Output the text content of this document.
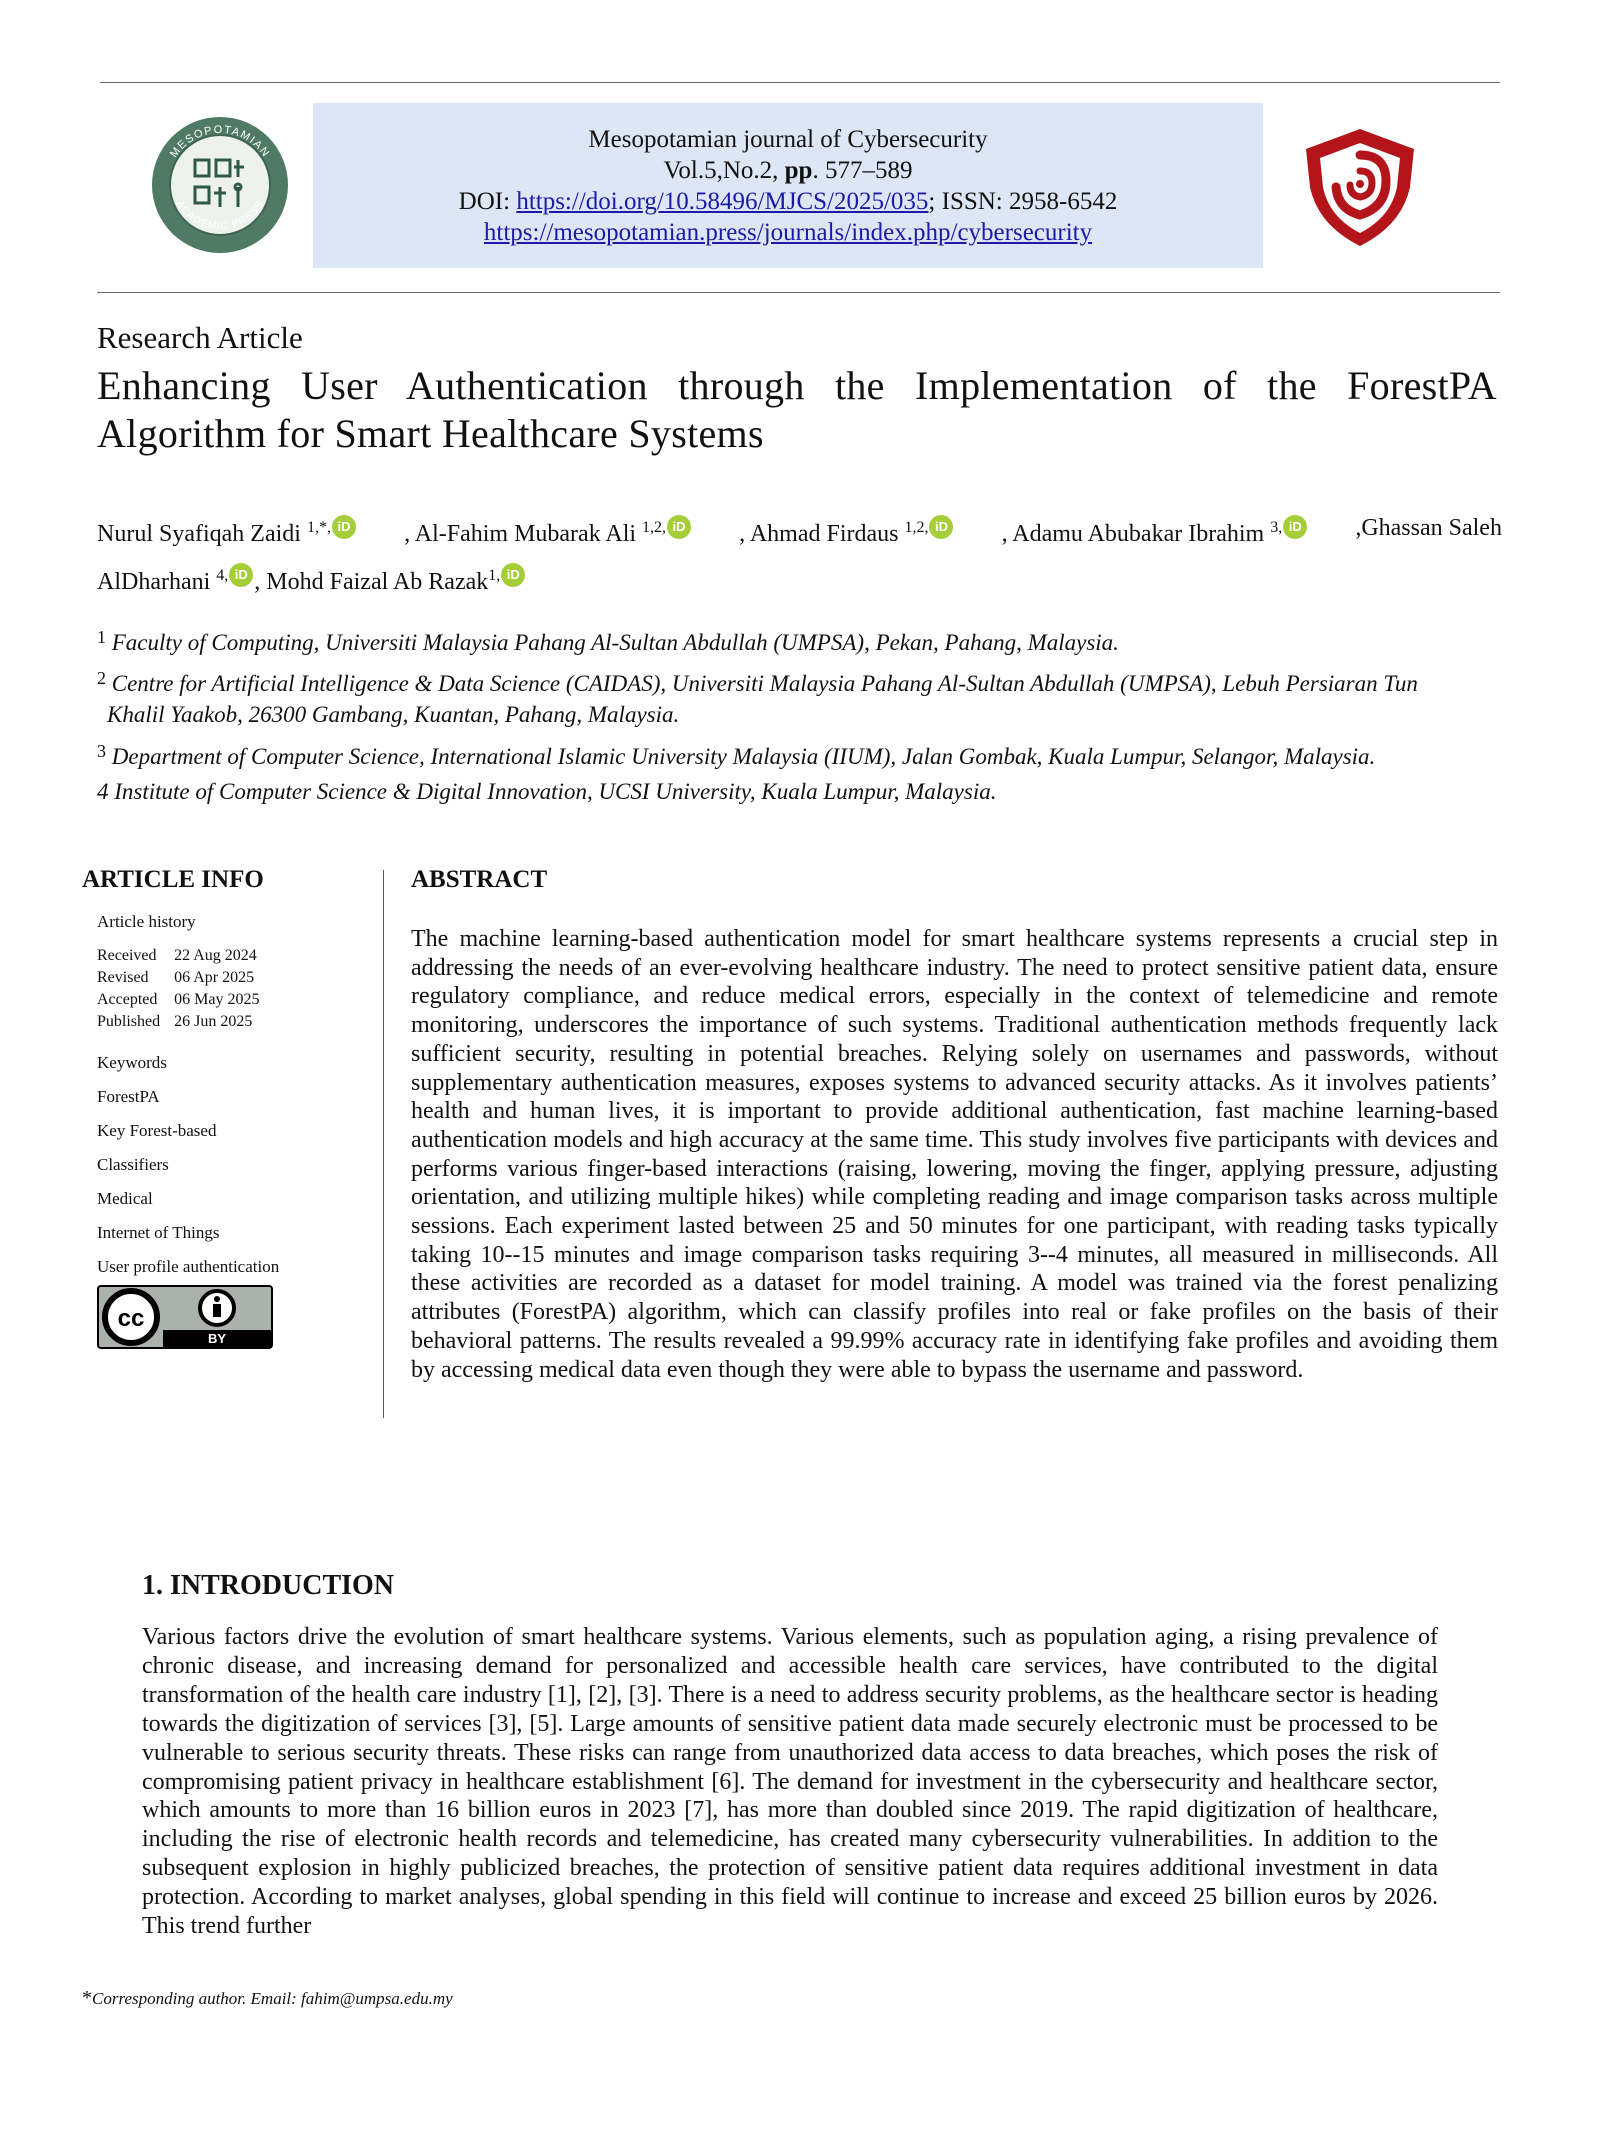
MESOPOTAMIAN
ACADEMIC PRESS
Mesopotamian journal of Cybersecurity
Vol.5,No.2, pp. 577–589
DOI: https://doi.org/10.58496/MJCS/2025/035; ISSN: 2958-6542
https://mesopotamian.press/journals/index.php/cybersecurity
Research Article
Enhancing User Authentication through the Implementation of the ForestPA Algorithm for Smart Healthcare Systems
Nurul Syafiqah Zaidi $^{1,*,}$ iD , Al-Fahim Mubarak Ali $^{1,2,}$ iD , Ahmad Firdaus $^{1,2,}$ iD , Adamu Abubakar Ibrahim $^{3,}$ iD ,Ghassan Saleh
AlDharhani $^{4,}$ iD , Mohd Faizal Ab Razak$^{1,}$ iD
$^1$ Faculty of Computing, Universiti Malaysia Pahang Al-Sultan Abdullah (UMPSA), Pekan, Pahang, Malaysia.
$^2$ Centre for Artificial Intelligence & Data Science (CAIDAS), Universiti Malaysia Pahang Al-Sultan Abdullah (UMPSA), Lebuh Persiaran Tun
Khalil Yaakob, 26300 Gambang, Kuantan, Pahang, Malaysia.
$^3$ Department of Computer Science, International Islamic University Malaysia (IIUM), Jalan Gombak, Kuala Lumpur, Selangor, Malaysia.
4 Institute of Computer Science & Digital Innovation, UCSI University, Kuala Lumpur, Malaysia.
ARTICLE INFO
Article history
Received	22 Aug 2024
Revised	06 Apr 2025
Accepted	06 May 2025
Published	26 Jun 2025
Keywords
ForestPA
Key Forest-based
Classifiers
Medical
Internet of Things
User profile authentication
cc
BY
ABSTRACT
The machine learning-based authentication model for smart healthcare systems represents a crucial step in addressing the needs of an ever-evolving healthcare industry. The need to protect sensitive patient data, ensure regulatory compliance, and reduce medical errors, especially in the context of telemedicine and remote monitoring, underscores the importance of such systems. Traditional authentication methods frequently lack sufficient security, resulting in potential breaches. Relying solely on usernames and passwords, without supplementary authentication measures, exposes systems to advanced security attacks. As it involves patients’ health and human lives, it is important to provide additional authentication, fast machine learning-based authentication models and high accuracy at the same time. This study involves five participants with devices and performs various finger-based interactions (raising, lowering, moving the finger, applying pressure, adjusting orientation, and utilizing multiple hikes) while completing reading and image comparison tasks across multiple sessions. Each experiment lasted between 25 and 50 minutes for one participant, with reading tasks typically taking 10--15 minutes and image comparison tasks requiring 3--4 minutes, all measured in milliseconds. All these activities are recorded as a dataset for model training. A model was trained via the forest penalizing attributes (ForestPA) algorithm, which can classify profiles into real or fake profiles on the basis of their behavioral patterns. The results revealed a 99.99% accuracy rate in identifying fake profiles and avoiding them by accessing medical data even though they were able to bypass the username and password.
1. INTRODUCTION
Various factors drive the evolution of smart healthcare systems. Various elements, such as population aging, a rising prevalence of chronic disease, and increasing demand for personalized and accessible health care services, have contributed to the digital transformation of the health care industry [1], [2], [3]. There is a need to address security problems, as the healthcare sector is heading towards the digitization of services [3], [5]. Large amounts of sensitive patient data made securely electronic must be processed to be vulnerable to serious security threats. These risks can range from unauthorized data access to data breaches, which poses the risk of compromising patient privacy in healthcare establishment [6]. The demand for investment in the cybersecurity and healthcare sector, which amounts to more than 16 billion euros in 2023 [7], has more than doubled since 2019. The rapid digitization of healthcare, including the rise of electronic health records and telemedicine, has created many cybersecurity vulnerabilities. In addition to the subsequent explosion in highly publicized breaches, the protection of sensitive patient data requires additional investment in data protection. According to market analyses, global spending in this field will continue to increase and exceed 25 billion euros by 2026. This trend further
*Corresponding author. Email: fahim@umpsa.edu.my
